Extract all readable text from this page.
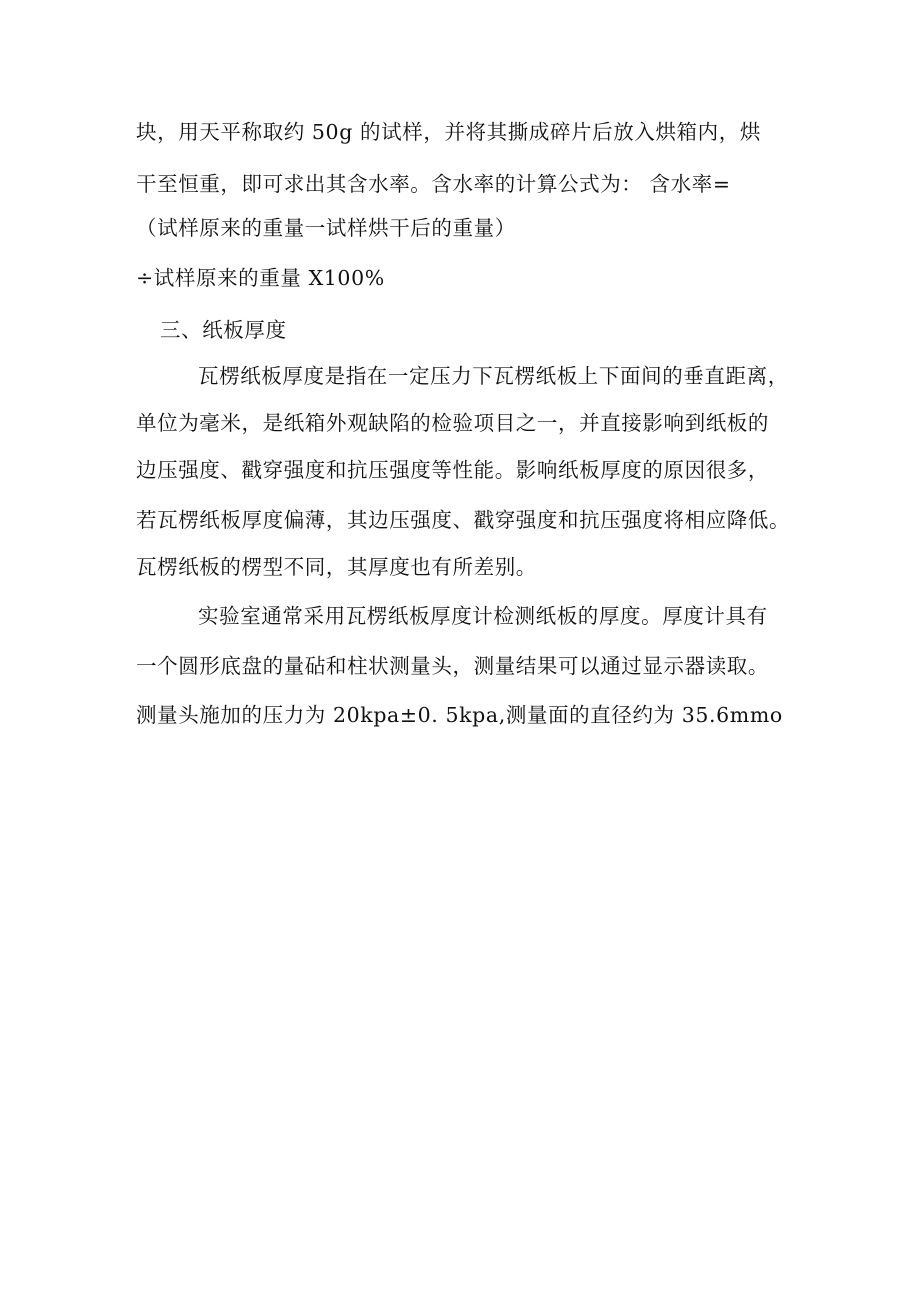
块，用天平称取约 50g 的试样，并将其撕成碎片后放入烘箱内，烘
干至恒重，即可求出其含水率。含水率的计算公式为： 含水率=
（试样原来的重量一试样烘干后的重量）
÷试样原来的重量 X100%
三、纸板厚度
瓦楞纸板厚度是指在一定压力下瓦楞纸板上下面间的垂直距离，
单位为毫米，是纸箱外观缺陷的检验项目之一，并直接影响到纸板的
边压强度、戳穿强度和抗压强度等性能。影响纸板厚度的原因很多，
若瓦楞纸板厚度偏薄，其边压强度、戳穿强度和抗压强度将相应降低。
瓦楞纸板的楞型不同，其厚度也有所差别。
实验室通常采用瓦楞纸板厚度计检测纸板的厚度。厚度计具有
一个圆形底盘的量砧和柱状测量头，测量结果可以通过显示器读取。
测量头施加的压力为 20kpa±0. 5kpa,测量面的直径约为 35.6mmo
